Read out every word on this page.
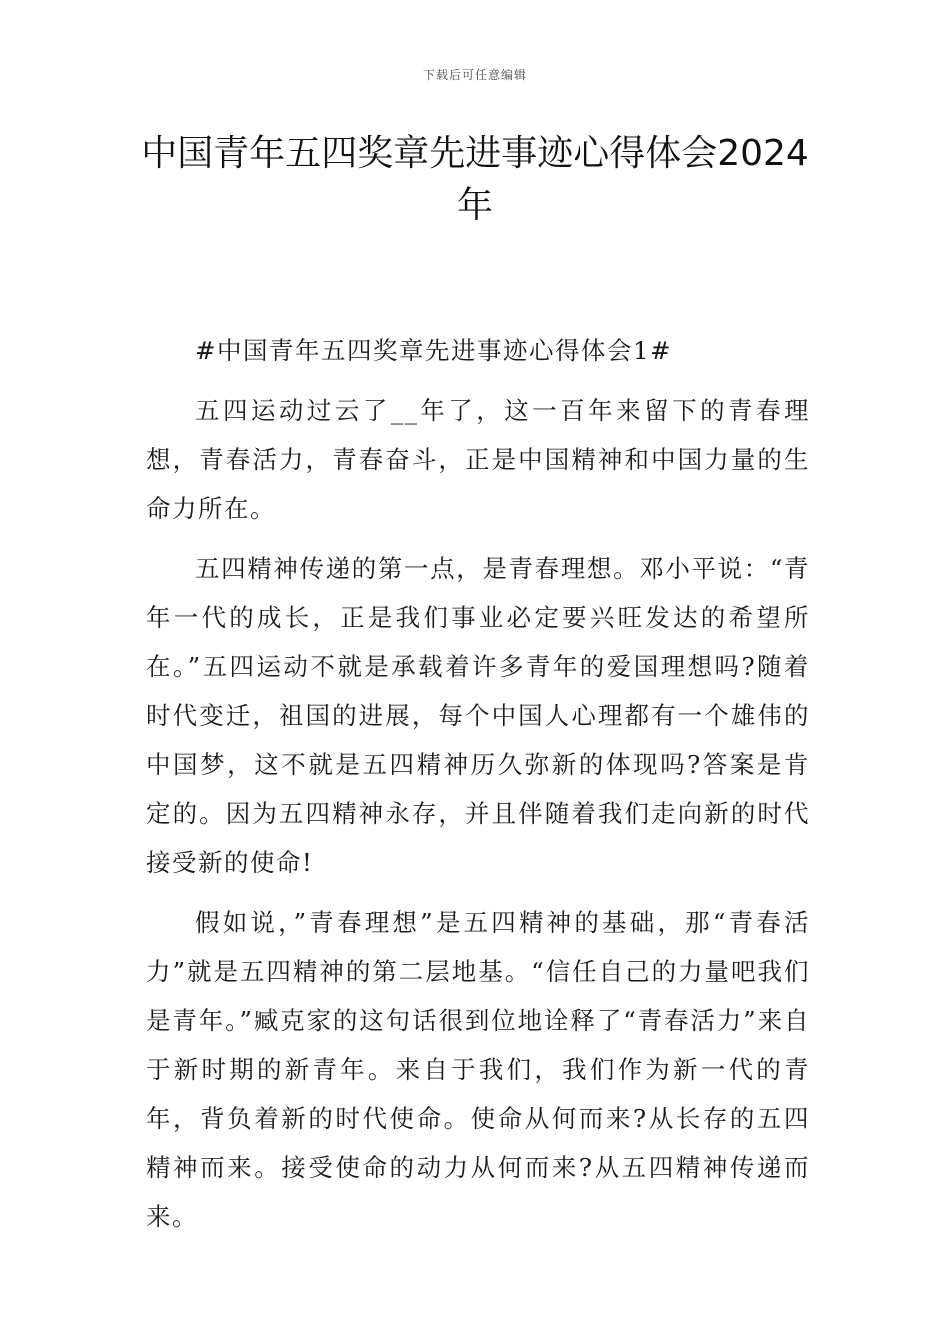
下载后可任意编辑
中国青年五四奖章先进事迹心得体会2024年

#中国青年五四奖章先进事迹心得体会1#

五四运动过云了__年了，这一百年来留下的青春理想，青春活力，青春奋斗，正是中国精神和中国力量的生命力所在。

五四精神传递的第一点，是青春理想。邓小平说：“青年一代的成长，正是我们事业必定要兴旺发达的希望所在。”五四运动不就是承载着许多青年的爱国理想吗?随着时代变迁，祖国的进展，每个中国人心理都有一个雄伟的中国梦，这不就是五四精神历久弥新的体现吗?答案是肯定的。因为五四精神永存，并且伴随着我们走向新的时代接受新的使命!

假如说，”青春理想”是五四精神的基础，那“青春活力”就是五四精神的第二层地基。“信任自己的力量吧我们是青年。”臧克家的这句话很到位地诠释了“青春活力”来自于新时期的新青年。来自于我们，我们作为新一代的青年，背负着新的时代使命。使命从何而来?从长存的五四精神而来。接受使命的动力从何而来?从五四精神传递而来。
